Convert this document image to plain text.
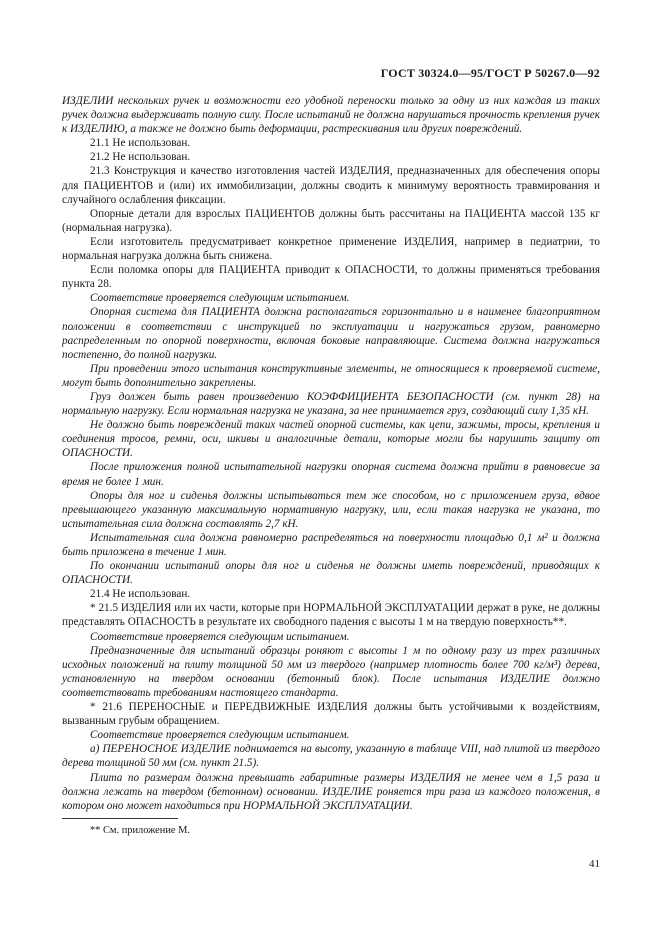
ГОСТ 30324.0—95/ГОСТ Р 50267.0—92

ИЗДЕЛИИ нескольких ручек и возможности его удобной переноски только за одну из них каждая из таких ручек должна выдерживать полную силу. После испытаний не должна нарушаться прочность крепления ручек к ИЗДЕЛИЮ, а также не должно быть деформации, растрескивания или других повреждений.

21.1 Не использован.

21.2 Не использован.

21.3 Конструкция и качество изготовления частей ИЗДЕЛИЯ, предназначенных для обеспечения опоры для ПАЦИЕНТОВ и (или) их иммобилизации, должны сводить к минимуму вероятность травмирования и случайного ослабления фиксации.

Опорные детали для взрослых ПАЦИЕНТОВ должны быть рассчитаны на ПАЦИЕНТА массой 135 кг (нормальная нагрузка).

Если изготовитель предусматривает конкретное применение ИЗДЕЛИЯ, например в педиатрии, то нормальная нагрузка должна быть снижена.

Если поломка опоры для ПАЦИЕНТА приводит к ОПАСНОСТИ, то должны применяться требования пункта 28.

Соответствие проверяется следующим испытанием.

Опорная система для ПАЦИЕНТА должна располагаться горизонтально и в наименее благоприятном положении в соответствии с инструкцией по эксплуатации и нагружаться грузом, равномерно распределенным по опорной поверхности, включая боковые направляющие. Система должна нагружаться постепенно, до полной нагрузки.

При проведении этого испытания конструктивные элементы, не относящиеся к проверяемой системе, могут быть дополнительно закреплены.

Груз должен быть равен произведению КОЭФФИЦИЕНТА БЕЗОПАСНОСТИ (см. пункт 28) на нормальную нагрузку. Если нормальная нагрузка не указана, за нее принимается груз, создающий силу 1,35 кН.

Не должно быть повреждений таких частей опорной системы, как цепи, зажимы, тросы, крепления и соединения тросов, ремни, оси, шкивы и аналогичные детали, которые могли бы нарушить защиту от ОПАСНОСТИ.

После приложения полной испытательной нагрузки опорная система должна прийти в равновесие за время не более 1 мин.

Опоры для ног и сиденья должны испытываться тем же способом, но с приложением груза, вдвое превышающего указанную максимальную нормативную нагрузку, или, если такая нагрузка не указана, то испытательная сила должна составлять 2,7 кН.

Испытательная сила должна равномерно распределяться на поверхности площадью 0,1 м² и должна быть приложена в течение 1 мин.

По окончании испытаний опоры для ног и сиденья не должны иметь повреждений, приводящих к ОПАСНОСТИ.

21.4 Не использован.

* 21.5 ИЗДЕЛИЯ или их части, которые при НОРМАЛЬНОЙ ЭКСПЛУАТАЦИИ держат в руке, не должны представлять ОПАСНОСТЬ в результате их свободного падения с высоты 1 м на твердую поверхность**.

Соответствие проверяется следующим испытанием.

Предназначенные для испытаний образцы роняют с высоты 1 м по одному разу из трех различных исходных положений на плиту толщиной 50 мм из твердого (например плотность более 700 кг/м³) дерева, установленную на твердом основании (бетонный блок). После испытания ИЗДЕЛИЕ должно соответствовать требованиям настоящего стандарта.

* 21.6 ПЕРЕНОСНЫЕ и ПЕРЕДВИЖНЫЕ ИЗДЕЛИЯ должны быть устойчивыми к воздействиям, вызванным грубым обращением.

Соответствие проверяется следующим испытанием.

а) ПЕРЕНОСНОЕ ИЗДЕЛИЕ поднимается на высоту, указанную в таблице VIII, над плитой из твердого дерева толщиной 50 мм (см. пункт 21.5).

Плита по размерам должна превышать габаритные размеры ИЗДЕЛИЯ не менее чем в 1,5 раза и должна лежать на твердом (бетонном) основании. ИЗДЕЛИЕ роняется три раза из каждого положения, в котором оно может находиться при НОРМАЛЬНОЙ ЭКСПЛУАТАЦИИ.

** См. приложение М.

41
